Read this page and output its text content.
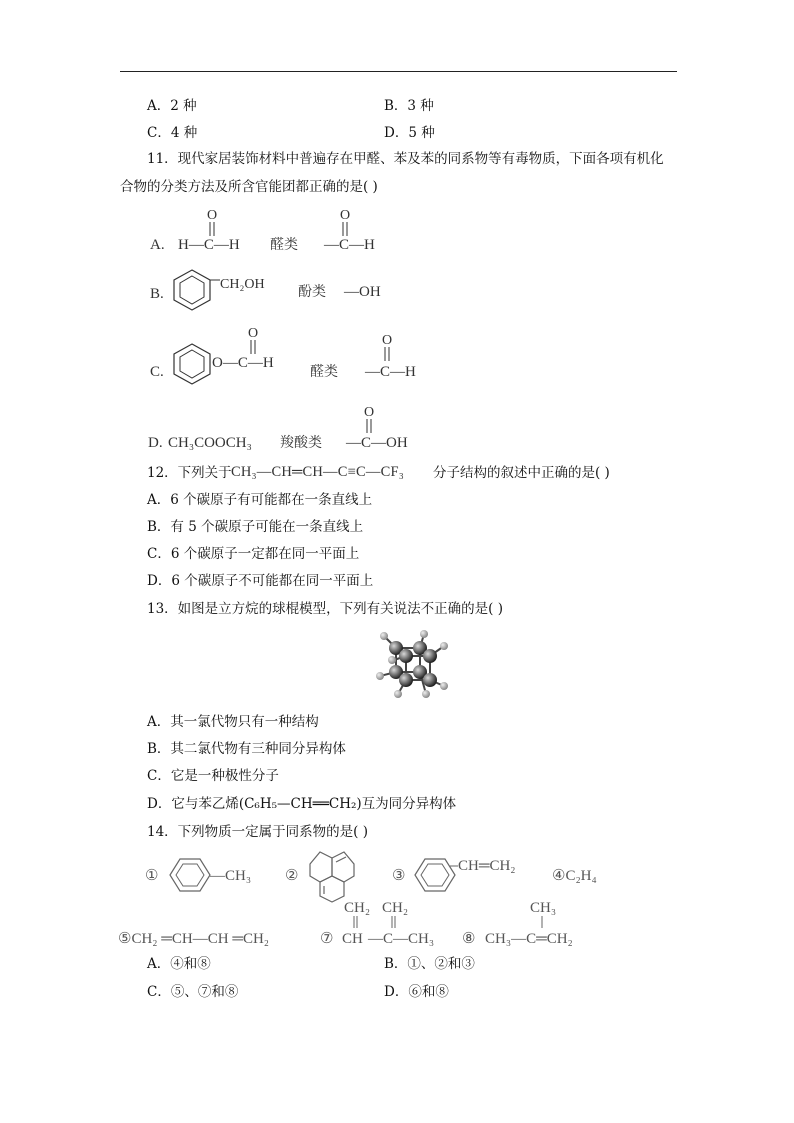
A．2 种	B．3 种
C．4 种	D．5 种
11．现代家居装饰材料中普遍存在甲醛、苯及苯的同系物等有毒物质，下面各项有机化
合物的分类方法及所含官能团都正确的是( )
A. H—C—H
O
醛类 —C—H
O
B.
CH₂OH
酚类 —OH
C.
O—C—H
O
醛类 —C—H
O
D. CH₃COOCH₃ 羧酸类 —C—OH
O
12．下列关于 CH₃—CH═CH—C≡C—CF₃ 分子结构的叙述中正确的是( )
A．6 个碳原子有可能都在一条直线上
B．有 5 个碳原子可能在一条直线上
C．6 个碳原子一定都在同一平面上
D．6 个碳原子不可能都在同一平面上
13．如图是立方烷的球棍模型，下列有关说法不正确的是( )
A．其一氯代物只有一种结构
B．其二氯代物有三种同分异构体
C．它是一种极性分子
D．它与苯乙烯(C₆H₅—CH══CH₂)互为同分异构体
14．下列物质一定属于同系物的是( )
①	—CH₃ ②	③
CH═CH₂
④C₂H₄
⑤CH₂ ═CH—CH ═CH₂
CH₂
⑦ CH
CH₂
—C—CH₃ ⑧
CH₃
CH₃—C═CH₂
A．④和⑧	B．①、②和③
C．⑤、⑦和⑧	D．⑥和⑧
